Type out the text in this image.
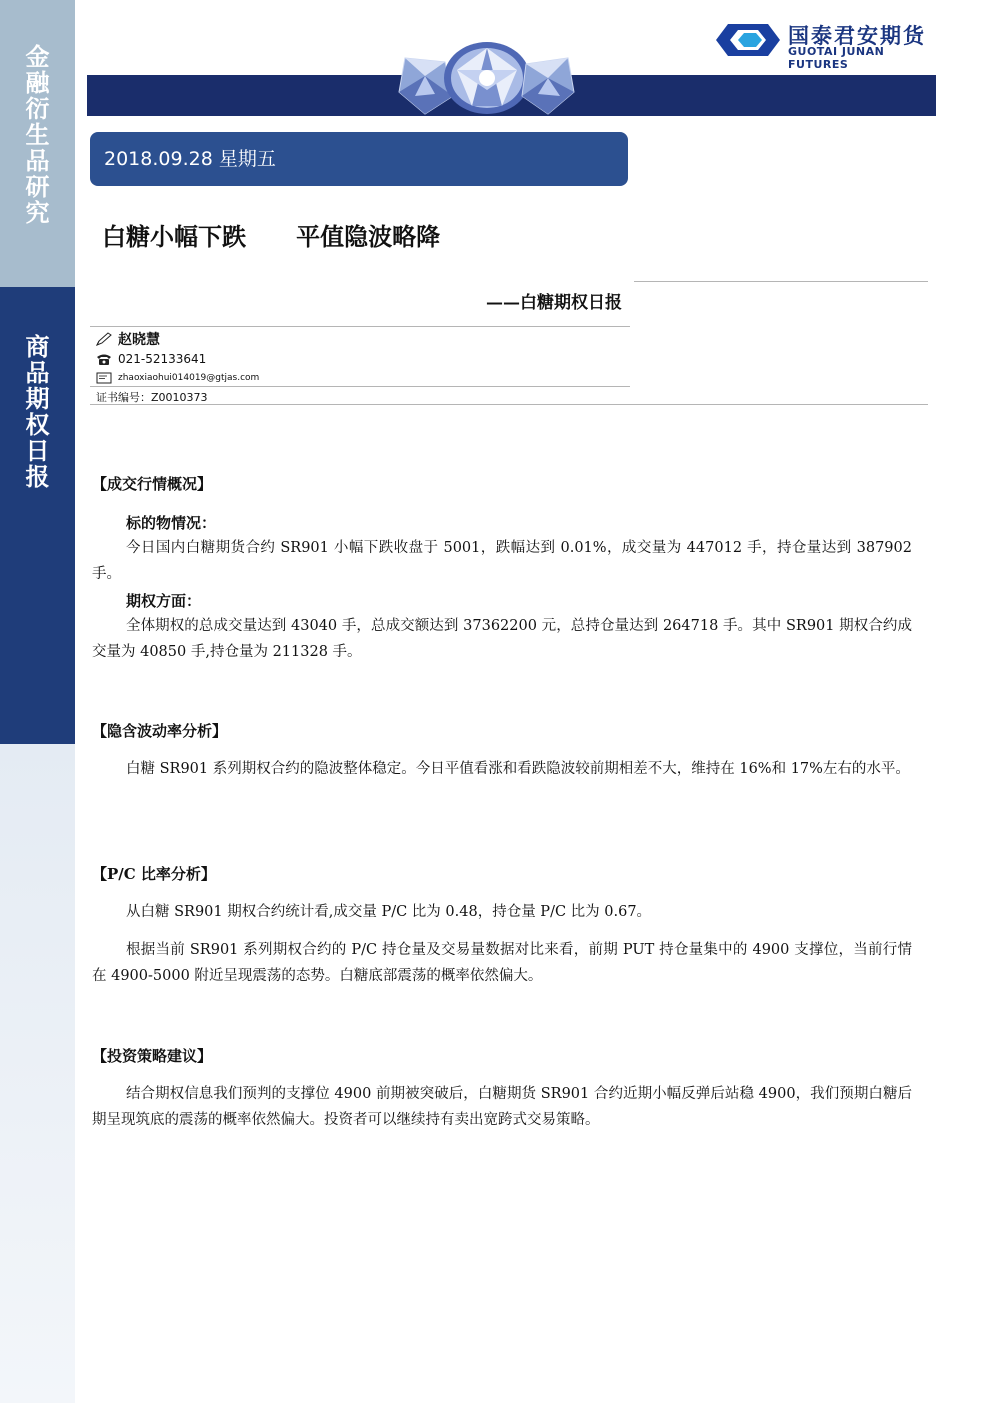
金
融
衍
生
品
研
究
商
品
期
权
日
报
国泰君安期货
GUOTAI JUNAN FUTURES
2018.09.28 星期五
白糖小幅下跌      平值隐波略降
——白糖期权日报
赵晓慧
021-52133641
zhaoxiaohui014019@gtjas.com
证书编号：Z0010373
【成交行情概况】
标的物情况：

今日国内白糖期货合约 SR901 小幅下跌收盘于 5001，跌幅达到 0.01%，成交量为 447012 手，持仓量达到 387902 手。

期权方面：

全体期权的总成交量达到 43040 手，总成交额达到 37362200 元，总持仓量达到 264718 手。其中 SR901 期权合约成交量为 40850 手,持仓量为 211328 手。

【隐含波动率分析】

白糖 SR901 系列期权合约的隐波整体稳定。今日平值看涨和看跌隐波较前期相差不大，维持在 16%和 17%左右的水平。

【P/C 比率分析】

从白糖 SR901 期权合约统计看,成交量 P/C 比为 0.48，持仓量 P/C 比为 0.67。

根据当前 SR901 系列期权合约的 P/C 持仓量及交易量数据对比来看，前期 PUT 持仓量集中的 4900 支撑位，当前行情在 4900-5000 附近呈现震荡的态势。白糖底部震荡的概率依然偏大。

【投资策略建议】

结合期权信息我们预判的支撑位 4900 前期被突破后，白糖期货 SR901 合约近期小幅反弹后站稳 4900，我们预期白糖后期呈现筑底的震荡的概率依然偏大。投资者可以继续持有卖出宽跨式交易策略。
